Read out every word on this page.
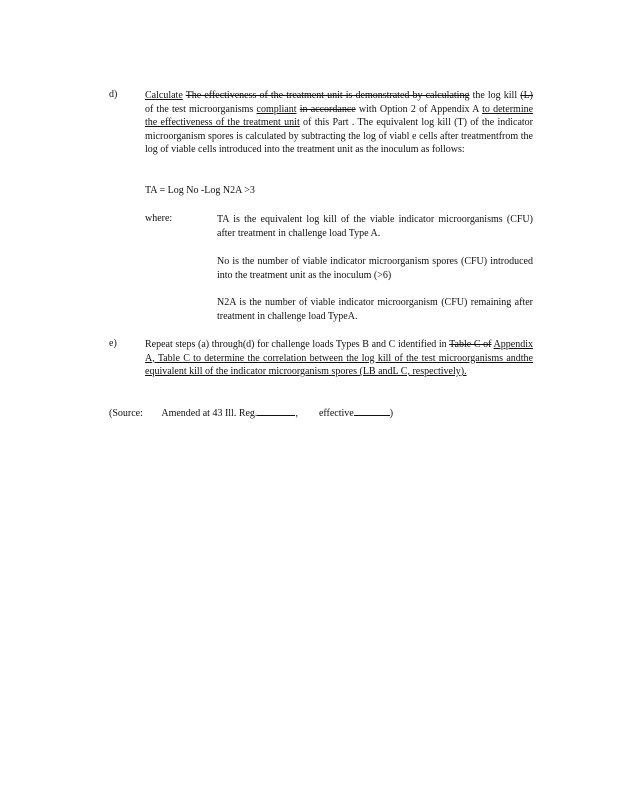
d)	Calculate The effectiveness of the treatment unit is demonstrated by calculating the log kill (L) of the test microorganisms compliant in accordance with Option 2 of Appendix A to determine the effectiveness of the treatment unit of this Part . The equivalent log kill (T) of the indicator microorganism spores is calculated by subtracting the log of viabl e cells after treatmentfrom the log of viable cells introduced into the treatment unit as the inoculum as follows:
TA = Log No -Log N2A >3
where:	TA is the equivalent log kill of the viable indicator microorganisms (CFU) after treatment in challenge load Type A.
No is the number of viable indicator microorganism spores (CFU) introduced into the treatment unit as the inoculum (>6)
N2A is the number of viable indicator microorganism (CFU) remaining after treatment in challenge load TypeA.
e)	Repeat steps (a) through(d) for challenge loads Types B and C identified in Table C of Appendix A, Table C to determine the correlation between the log kill of the test microorganisms andthe equivalent kill of the indicator microorganism spores (LB andL C, respectively).
(Source: Amended at 43 Ill. Reg.	, effective	)
